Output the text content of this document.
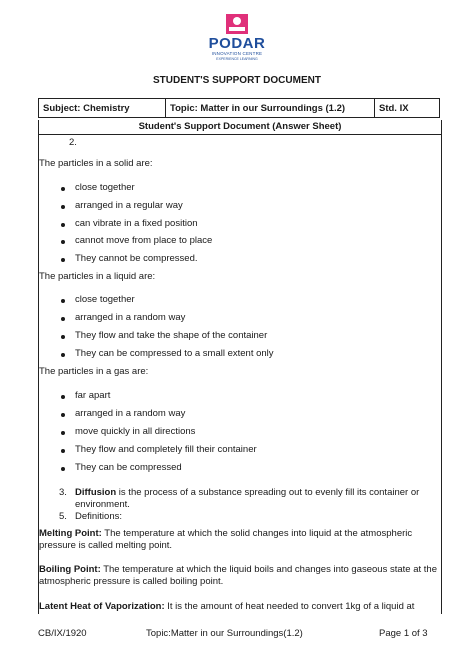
PODAR
INNOVATION CENTRE
EXPERIENCE LEARNING
STUDENT'S SUPPORT DOCUMENT
Subject: Chemistry	Topic: Matter in our Surroundings (1.2)	Std. IX
Student's Support Document (Answer Sheet)
2.
The particles in a solid are:
close together
arranged in a regular way
can vibrate in a fixed position
cannot move from place to place
They cannot be compressed.
The particles in a liquid are:
close together
arranged in a random way
They flow and take the shape of the container
They can be compressed to a small extent only
The particles in a gas are:
far apart
arranged in a random way
move quickly in all directions
They flow and completely fill their container
They can be compressed
3. Diffusion is the process of a substance spreading out to evenly fill its container or environment.
5. Definitions:
Melting Point: The temperature at which the solid changes into liquid at the atmospheric pressure is called melting point.
Boiling Point: The temperature at which the liquid boils and changes into gaseous state at the atmospheric pressure is called boiling point.
Latent Heat of Vaporization: It is the amount of heat needed to convert 1kg of a liquid at
CB/IX/1920	Topic:Matter in our Surroundings(1.2)	Page 1 of 3
